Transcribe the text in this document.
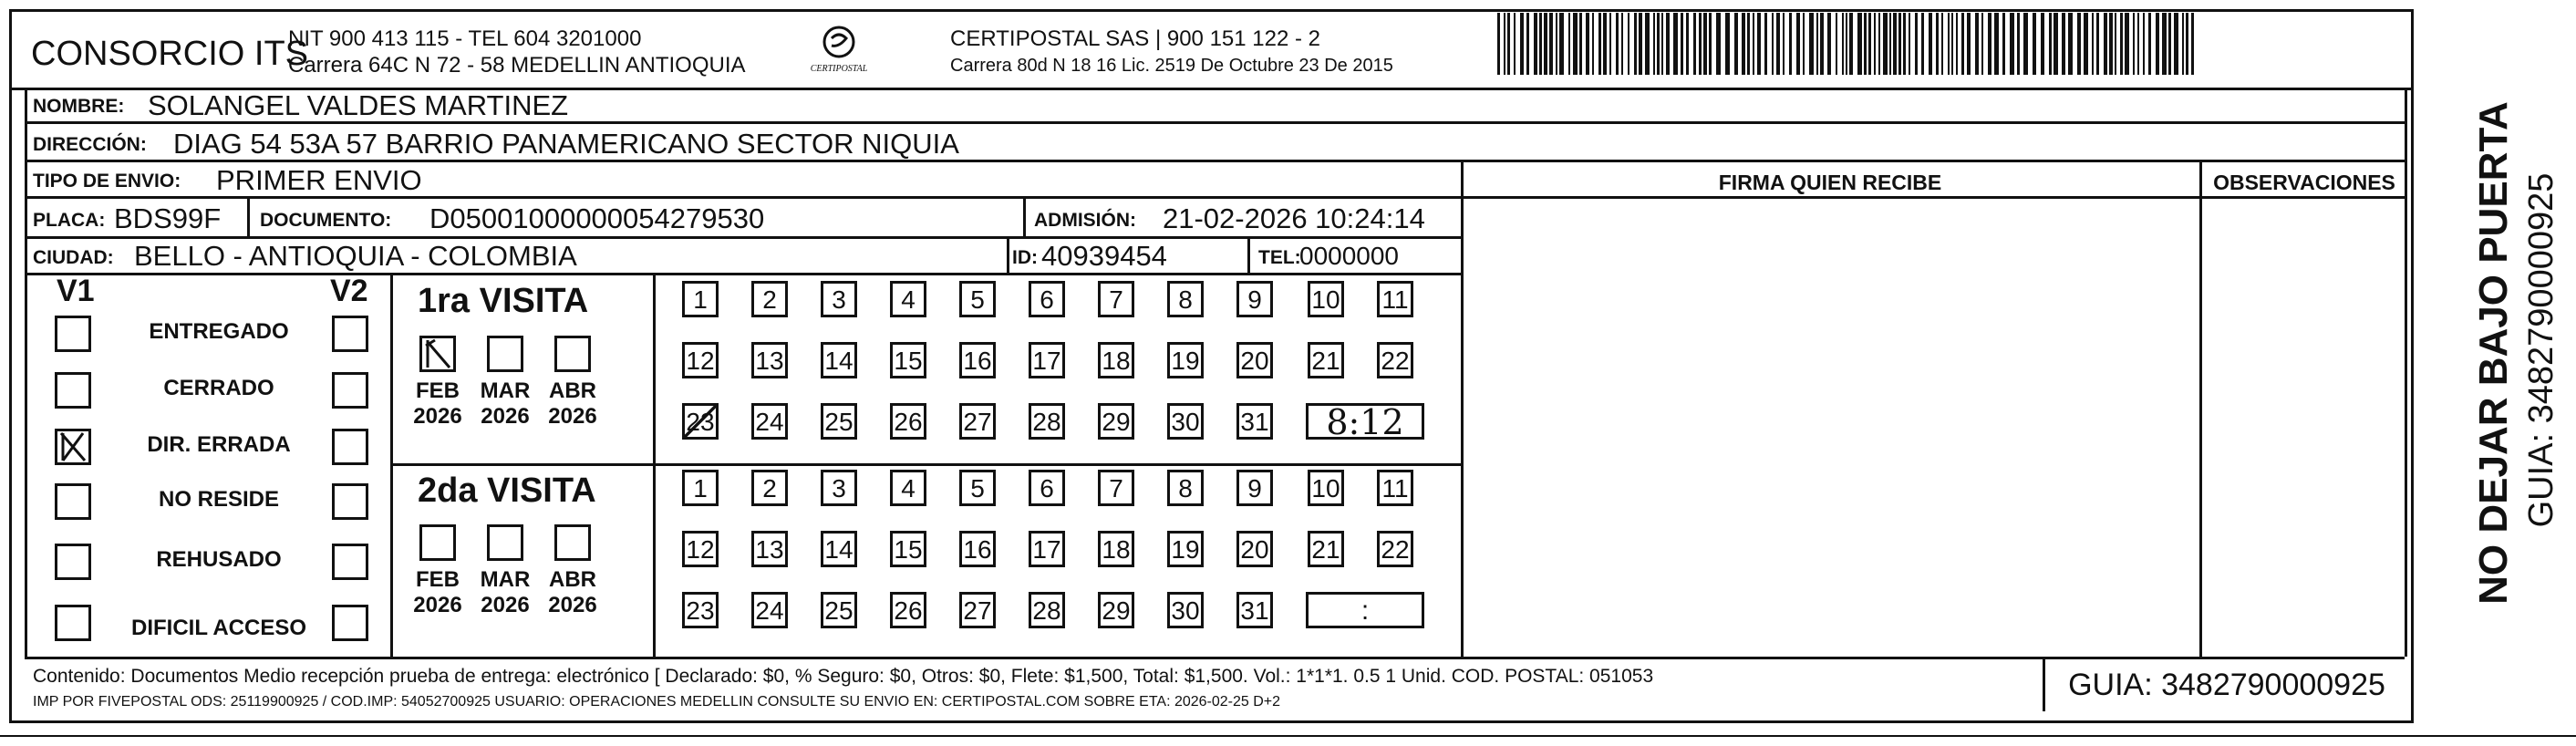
CONSORCIO ITS
NIT 900 413 115 - TEL 604 3201000
Carrera 64C N 72 - 58 MEDELLIN ANTIOQUIA	CERTIPOSTAL
CERTIPOSTAL SAS | 900 151 122 - 2
Carrera 80d N 18 16 Lic. 2519 De Octubre 23 De 2015
NOMBRE: SOLANGEL VALDES MARTINEZ
DIRECCIÓN: DIAG 54 53A 57 BARRIO PANAMERICANO SECTOR NIQUIA
TIPO DE ENVIO: PRIMER ENVIO
PLACA: BDS99F DOCUMENTO: D05001000000054279530	ADMISIÓN: 21-02-2026 10:24:14
CIUDAD: BELLO - ANTIOQUIA - COLOMBIA	ID: 40939454	TEL:
0000000
FIRMA QUIEN RECIBE	OBSERVACIONES
V1	V2
ENTREGADO
CERRADO
DIR. ERRADA
NO RESIDE
REHUSADO
DIFICIL ACCESO
1ra VISITA
2da VISITA
FEB
2026
MAR
2026
ABR
2026
1	2	3	4	5	6	7	8	9	10 11
12 13 14 15 16 17 18 19 20 21 22
23 24 25 26 27 28 29 30 31	8:12
FEB
2026
MAR
2026
ABR
2026
1	2	3	4	5	6	7	8	9	10 11
12 13 14 15 16 17 18 19 20 21 22
23 24 25 26 27 28 29 30 31	:
Contenido: Documentos Medio recepción prueba de entrega: electrónico [ Declarado: $0, % Seguro: $0, Otros: $0, Flete: $1,500, Total: $1,500. Vol.: 1*1*1. 0.5 1 Unid. COD. POSTAL: 051053
IMP POR FIVEPOSTAL ODS: 25119900925 / COD.IMP: 54052700925 USUARIO: OPERACIONES MEDELLIN CONSULTE SU ENVIO EN: CERTIPOSTAL.COM SOBRE ETA: 2026-02-25 D+2	GUIA: 3482790000925
NO DEJAR BAJO PUERTA GUIA: 3482790000925
